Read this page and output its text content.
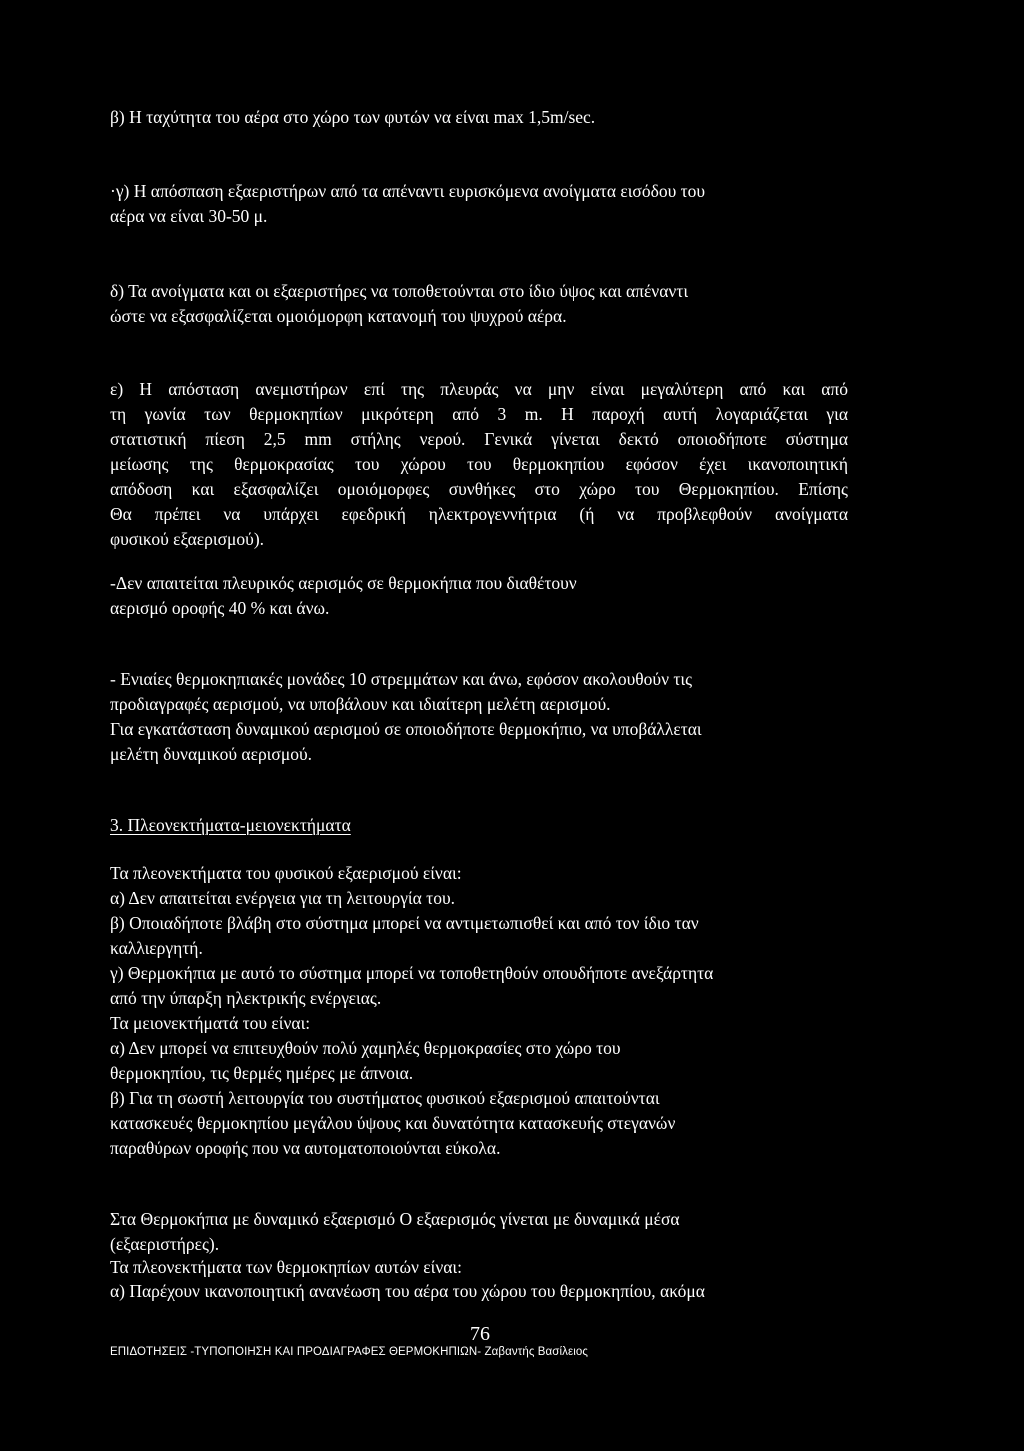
β) Η ταχύτητα του αέρα στο χώρο των φυτών να είναι max 1,5m/sec.
·γ) Η απόσπαση εξαεριστήρων από τα απέναντι ευρισκόμενα ανοίγματα εισόδου του
αέρα να είναι 30-50 μ.
δ) Τα ανοίγματα και οι εξαεριστήρες να τοποθετούνται στο ίδιο ύψος και απέναντι
ώστε να εξασφαλίζεται ομοιόμορφη κατανομή του ψυχρού αέρα.
ε) Η απόσταση ανεμιστήρων επί της πλευράς να μην είναι μεγαλύτερη από και από
τη γωνία των θερμοκηπίων μικρότερη από 3 m. Η παροχή αυτή λογαριάζεται για
στατιστική πίεση 2,5 mm στήλης νερού. Γενικά γίνεται δεκτό οποιοδήποτε σύστημα
μείωσης της θερμοκρασίας του χώρου του θερμοκηπίου εφόσον έχει ικανοποιητική
απόδοση και εξασφαλίζει ομοιόμορφες συνθήκες στο χώρο του Θερμοκηπίου. Επίσης
Θα πρέπει να υπάρχει εφεδρική ηλεκτρογεννήτρια (ή να προβλεφθούν ανοίγματα
φυσικού εξαερισμού).
-Δεν απαιτείται πλευρικός αερισμός σε θερμοκήπια που διαθέτουν
αερισμό οροφής 40 % και άνω.
- Ενιαίες θερμοκηπιακές μονάδες 10 στρεμμάτων και άνω, εφόσον ακολουθούν τις
προδιαγραφές αερισμού, να υποβάλουν και ιδιαίτερη μελέτη αερισμού.
Για εγκατάσταση δυναμικού αερισμού σε οποιοδήποτε θερμοκήπιο, να υποβάλλεται
μελέτη δυναμικού αερισμού.
3. Πλεονεκτήματα-μειονεκτήματα
Τα πλεονεκτήματα του φυσικού εξαερισμού είναι:
α) Δεν απαιτείται ενέργεια για τη λειτουργία του.
β) Οποιαδήποτε βλάβη στο σύστημα μπορεί να αντιμετωπισθεί και από τον ίδιο ταν
καλλιεργητή.
γ) Θερμοκήπια με αυτό το σύστημα μπορεί να τοποθετηθούν οπουδήποτε ανεξάρτητα
από την ύπαρξη ηλεκτρικής ενέργειας.
Τα μειονεκτήματά του είναι:
α) Δεν μπορεί να επιτευχθούν πολύ χαμηλές θερμοκρασίες στο χώρο του
θερμοκηπίου, τις θερμές ημέρες με άπνοια.
β) Για τη σωστή λειτουργία του συστήματος φυσικού εξαερισμού απαιτούνται
κατασκευές θερμοκηπίου μεγάλου ύψους και δυνατότητα κατασκευής στεγανών
παραθύρων οροφής που να αυτοματοποιούνται εύκολα.
Στα Θερμοκήπια με δυναμικό εξαερισμό Ο εξαερισμός γίνεται με δυναμικά μέσα
(εξαεριστήρες).
Τα πλεονεκτήματα των θερμοκηπίων αυτών είναι:
α) Παρέχουν ικανοποιητική ανανέωση του αέρα του χώρου του θερμοκηπίου, ακόμα
76
ΕΠΙΔΟΤΗΣΕΙΣ -ΤΥΠΟΠΟΙΗΣΗ ΚΑΙ ΠΡΟΔΙΑΓΡΑΦΕΣ ΘΕΡΜΟΚΗΠΙΩΝ- Ζαβαντής Βασίλειος
